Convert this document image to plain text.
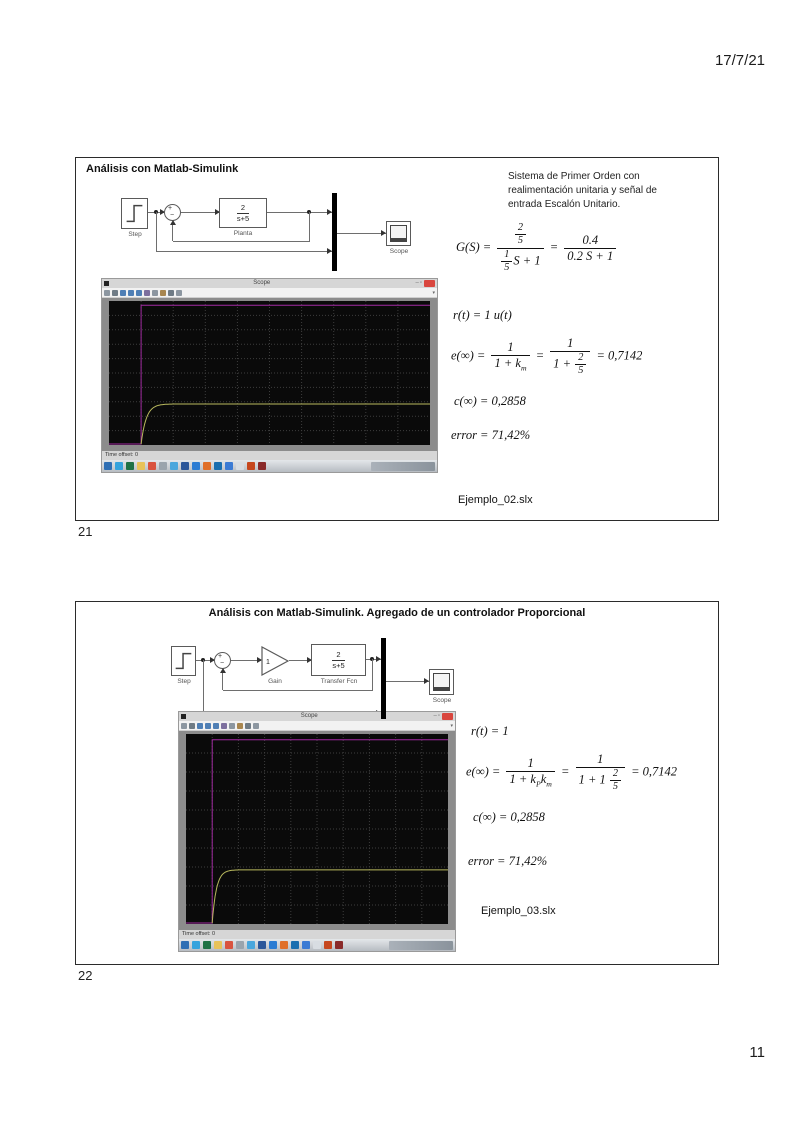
17/7/21
Análisis con Matlab-Simulink
Step
+
−	$\frac{2}{s+5}$
Planta
Scope
Scope	– ▫
▾
Time offset: 0

Sistema de Primer Orden con realimentación unitaria y señal de entrada Escalón Unitario.

$G(S) = \frac{\frac{2}{5}}{\frac{1}{5} S + 1} = \frac{0.4}{0.2 S + 1}$
r(t) = 1 u(t)
$e(\infty) = \frac{1}{1 + k_m} = \frac{1}{1 + \frac{2}{5}} = 0,7142$
c(∞) = 0,2858
error = 71,42%
Ejemplo_02.slx
21
Análisis con Matlab-Simulink. Agregado de un controlador Proporcional
Step
+
−	1
Gain
$\frac{2}{s+5}$
Transfer Fcn
Scope
Scope	– ▫
▾
Time offset: 0
r(t) = 1
e(∞) =
1
$1 + k_Pk_m$
= $\frac{1}{1 + 1 \frac{2}{5}} = 0,7142$
c(∞) = 0,2858
error = 71,42%
Ejemplo_03.slx
22
11
